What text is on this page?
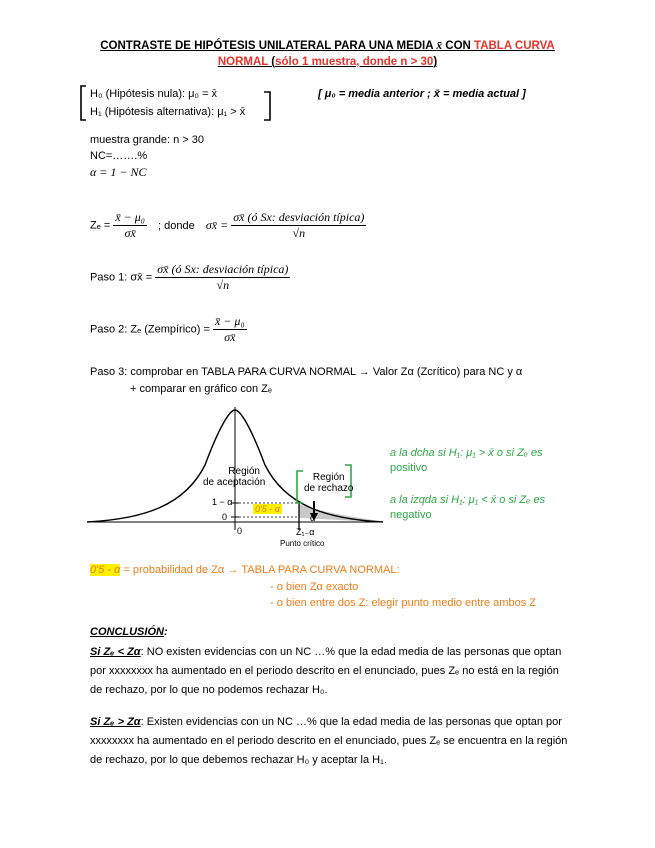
CONTRASTE DE HIPÓTESIS UNILATERAL PARA UNA MEDIA x̄ CON TABLA CURVA
NORMAL (sólo 1 muestra, donde n > 30)
H₀ (Hipótesis nula): μ₀ = x̄
H₁ (Hipótesis alternativa): μ₁ > x̄
[ μ₀ = media anterior ; x̄ = media actual ]
muestra grande: n > 30
NC=…….%
α = 1 − NC
$Z_e = \frac{\text{x̄ − μ₀}}{\sigma x̄}$ ; donde σx̄ = $\frac{\text{σx̄ (ó Sx: desviación típica)}}{√n}$
Paso 1: σx̄ = $\frac{\text{σx̄ (ó Sx: desviación típica)}}{√n}$
Paso 2: Zₑ (Zempírico) = $\frac{\text{x̄ − μ₀}}{\sigma x̄}$
Paso 3: comprobar en TABLA PARA CURVA NORMAL → Valor Zα (Zcrítico) para NC y α
+ comparar en gráfico con Zₑ
Región
de aceptación	Región
de rechazo
1 − α
0
0
0'5 - α
α
Z₁₋α
Punto crítico
a la dcha si H₁: μ₁ > x̄ o si Zₑ es
positivo
a la izqda si H₁: μ₁ < x̄ o si Zₑ es
negativo
0'5 - α = probabilidad de Zα → TABLA PARA CURVA NORMAL:
- o bien Zα exacto
- o bien entre dos Z: elegir punto medio entre ambos Z
CONCLUSIÓN:
Si Zₑ < Zα: NO existen evidencias con un NC …% que la edad media de las personas que optan por xxxxxxxx ha aumentado en el periodo descrito en el enunciado, pues Zₑ no está en la región de rechazo, por lo que no podemos rechazar H₀.
Si Zₑ > Zα: Existen evidencias con un NC …% que la edad media de las personas que optan por xxxxxxxx ha aumentado en el periodo descrito en el enunciado, pues Zₑ se encuentra en la región de rechazo, por lo que debemos rechazar H₀ y aceptar la H₁.
